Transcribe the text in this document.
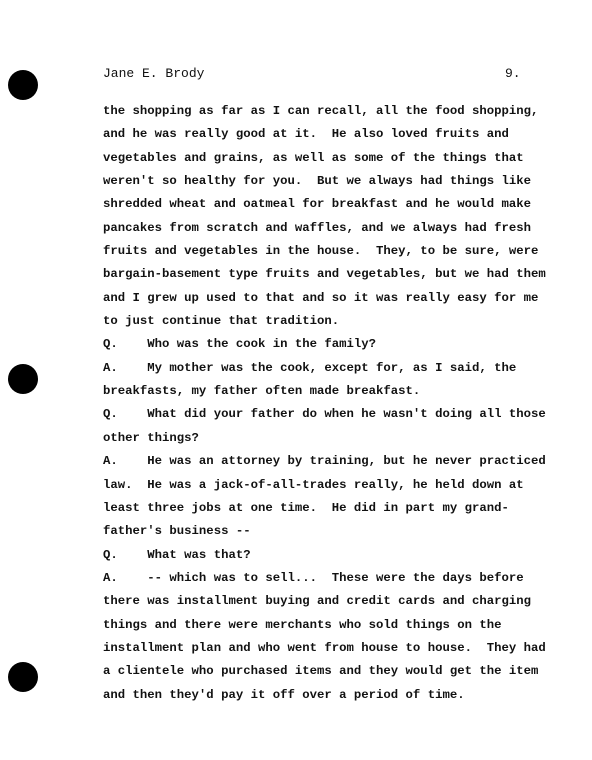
Jane E. Brody	9.
the shopping as far as I can recall, all the food shopping,
and he was really good at it.  He also loved fruits and
vegetables and grains, as well as some of the things that
weren't so healthy for you.  But we always had things like
shredded wheat and oatmeal for breakfast and he would make
pancakes from scratch and waffles, and we always had fresh
fruits and vegetables in the house.  They, to be sure, were
bargain-basement type fruits and vegetables, but we had them
and I grew up used to that and so it was really easy for me
to just continue that tradition.
Q.    Who was the cook in the family?
A.    My mother was the cook, except for, as I said, the
breakfasts, my father often made breakfast.
Q.    What did your father do when he wasn't doing all those
other things?
A.    He was an attorney by training, but he never practiced
law.  He was a jack-of-all-trades really, he held down at
least three jobs at one time.  He did in part my grand-
father's business --
Q.    What was that?
A.    -- which was to sell...  These were the days before
there was installment buying and credit cards and charging
things and there were merchants who sold things on the
installment plan and who went from house to house.  They had
a clientele who purchased items and they would get the item
and then they'd pay it off over a period of time.
